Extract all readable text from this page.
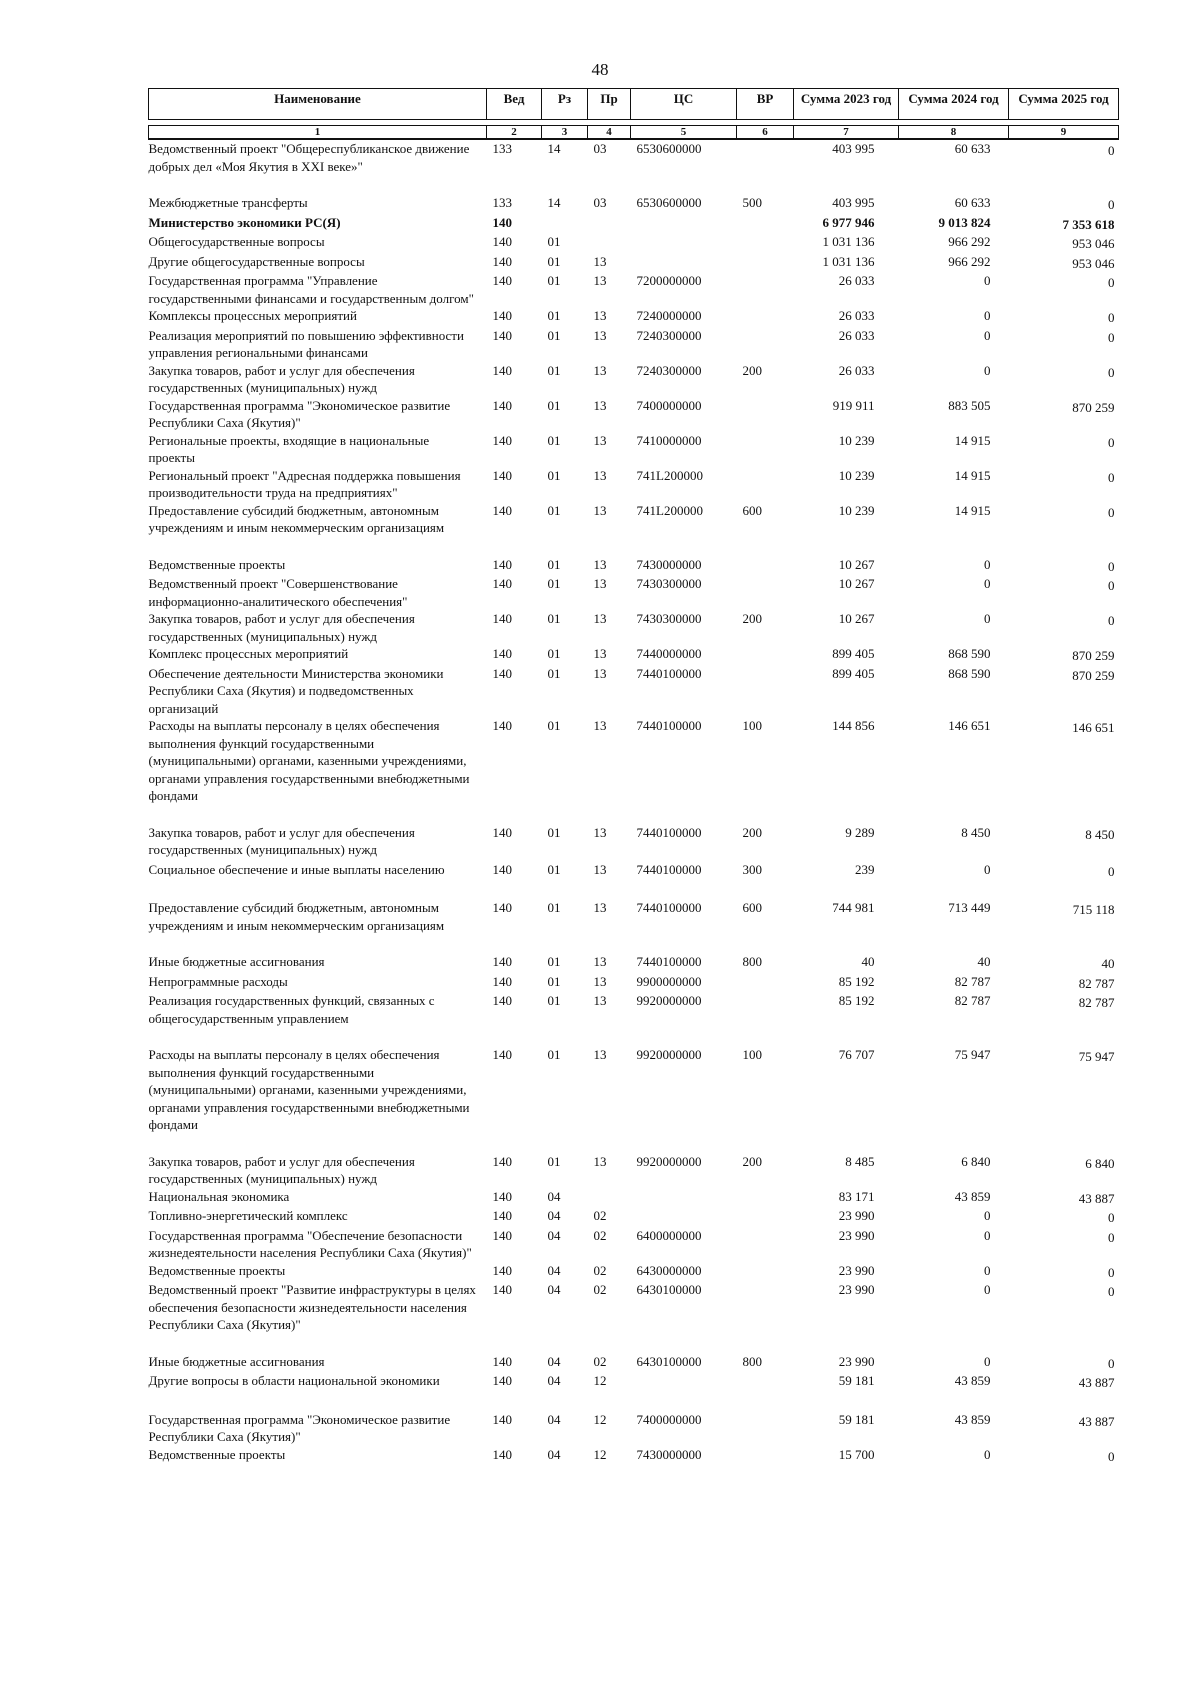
48
Наименование	Вед	Рз	Пр	ЦС	ВР	Сумма 2023 год	Сумма 2024 год	Сумма 2025 год

1	2	3	4	5	6	7	8	9
Ведомственный проект "Общереспубликанское движение добрых дел «Моя Якутия в XXI веке»"	133	14	03	6530600000		403 995	60 633	0
Межбюджетные трансферты	133	14	03	6530600000	500	403 995	60 633	0
Министерство экономики РС(Я)	140					6 977 946	9 013 824	7 353 618
Общегосударственные вопросы	140	01				1 031 136	966 292	953 046
Другие общегосударственные вопросы	140	01	13			1 031 136	966 292	953 046
Государственная программа "Управление государственными финансами и государственным долгом"	140	01	13	7200000000		26 033	0	0
Комплексы процессных мероприятий	140	01	13	7240000000		26 033	0	0
Реализация мероприятий по повышению эффективности управления региональными финансами	140	01	13	7240300000		26 033	0	0
Закупка товаров, работ и услуг для обеспечения государственных (муниципальных) нужд	140	01	13	7240300000	200	26 033	0	0
Государственная программа "Экономическое развитие Республики Саха (Якутия)"	140	01	13	7400000000		919 911	883 505	870 259
Региональные проекты, входящие в национальные проекты	140	01	13	7410000000		10 239	14 915	0
Региональный проект "Адресная поддержка повышения производительности труда на предприятиях"	140	01	13	741L200000		10 239	14 915	0
Предоставление субсидий бюджетным, автономным учреждениям и иным некоммерческим организациям	140	01	13	741L200000	600	10 239	14 915	0
Ведомственные проекты	140	01	13	7430000000		10 267	0	0
Ведомственный проект "Совершенствование информационно-аналитического обеспечения"	140	01	13	7430300000		10 267	0	0
Закупка товаров, работ и услуг для обеспечения государственных (муниципальных) нужд	140	01	13	7430300000	200	10 267	0	0
Комплекс процессных мероприятий	140	01	13	7440000000		899 405	868 590	870 259
Обеспечение деятельности Министерства экономики Республики Саха (Якутия) и подведомственных организаций	140	01	13	7440100000		899 405	868 590	870 259
Расходы на выплаты персоналу в целях обеспечения выполнения функций государственными (муниципальными) органами, казенными учреждениями, органами управления государственными внебюджетными фондами	140	01	13	7440100000	100	144 856	146 651	146 651
Закупка товаров, работ и услуг для обеспечения государственных (муниципальных) нужд	140	01	13	7440100000	200	9 289	8 450	8 450
Социальное обеспечение и иные выплаты населению	140	01	13	7440100000	300	239	0	0
Предоставление субсидий бюджетным, автономным учреждениям и иным некоммерческим организациям	140	01	13	7440100000	600	744 981	713 449	715 118
Иные бюджетные ассигнования	140	01	13	7440100000	800	40	40	40
Непрограммные расходы	140	01	13	9900000000		85 192	82 787	82 787
Реализация государственных функций, связанных с общегосударственным управлением	140	01	13	9920000000		85 192	82 787	82 787
Расходы на выплаты персоналу в целях обеспечения выполнения функций государственными (муниципальными) органами, казенными учреждениями, органами управления государственными внебюджетными фондами	140	01	13	9920000000	100	76 707	75 947	75 947
Закупка товаров, работ и услуг для обеспечения государственных (муниципальных) нужд	140	01	13	9920000000	200	8 485	6 840	6 840
Национальная экономика	140	04				83 171	43 859	43 887
Топливно-энергетический комплекс	140	04	02			23 990	0	0
Государственная программа "Обеспечение безопасности жизнедеятельности населения Республики Саха (Якутия)"	140	04	02	6400000000		23 990	0	0
Ведомственные проекты	140	04	02	6430000000		23 990	0	0
Ведомственный проект "Развитие инфраструктуры в целях обеспечения безопасности жизнедеятельности населения Республики Саха (Якутия)"	140	04	02	6430100000		23 990	0	0
Иные бюджетные ассигнования	140	04	02	6430100000	800	23 990	0	0
Другие вопросы в области национальной экономики	140	04	12			59 181	43 859	43 887
Государственная программа "Экономическое развитие Республики Саха (Якутия)"	140	04	12	7400000000		59 181	43 859	43 887
Ведомственные проекты	140	04	12	7430000000		15 700	0	0
